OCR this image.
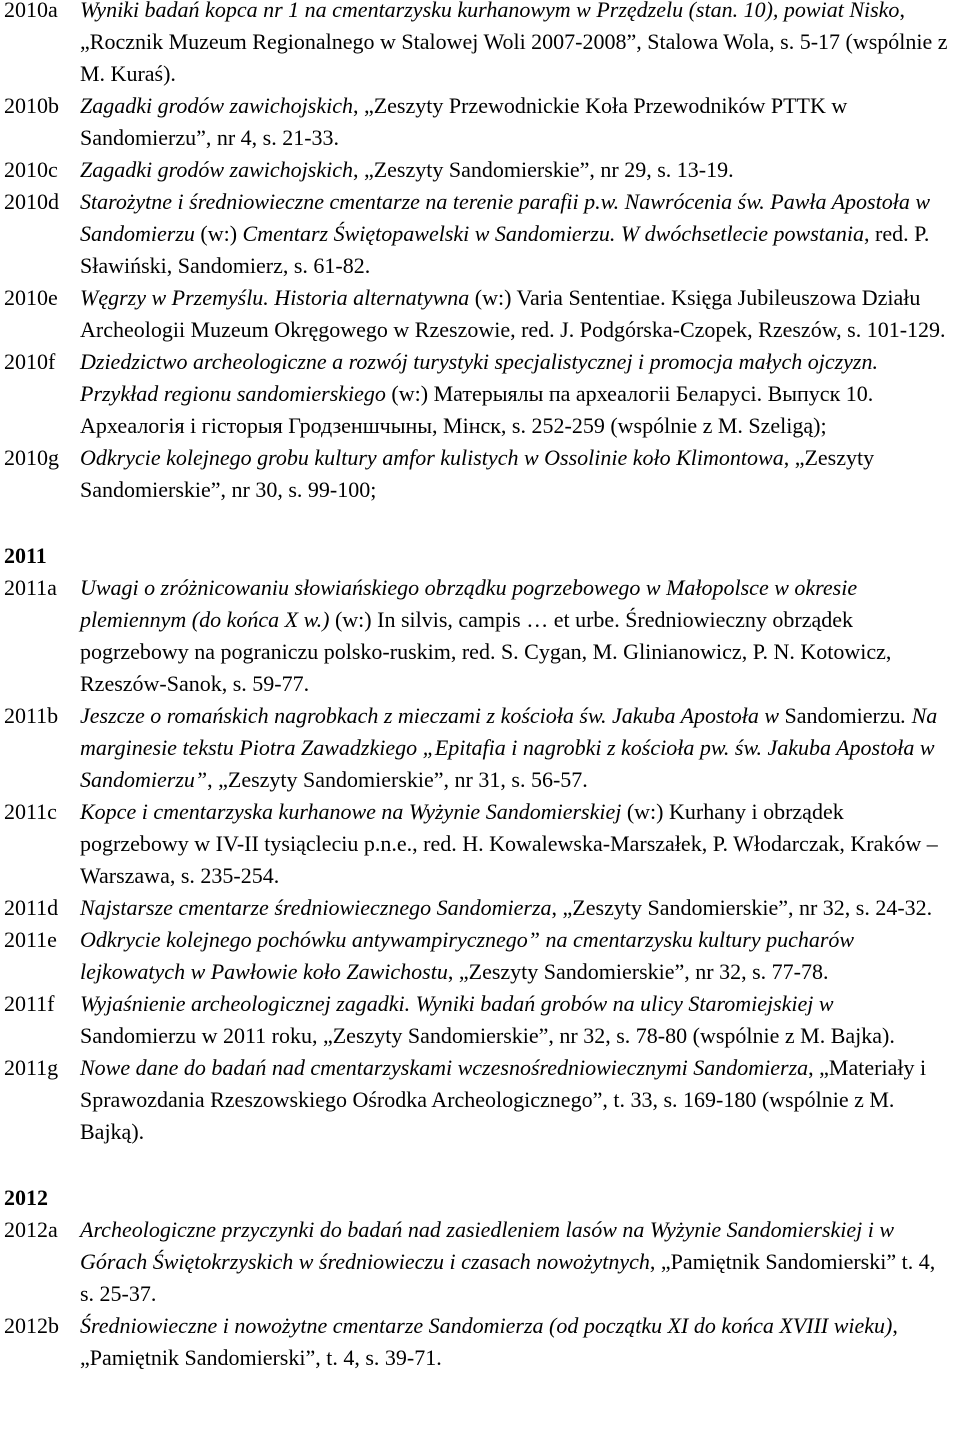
2010a	Wyniki badań kopca nr 1 na cmentarzysku kurhanowym w Przędzelu (stan. 10), powiat Nisko, „Rocznik Muzeum Regionalnego w Stalowej Woli 2007-2008”, Stalowa Wola, s. 5-17 (wspólnie z M. Kuraś).
2010b Zagadki grodów zawichojskich, „Zeszyty Przewodnickie Koła Przewodników PTTK w Sandomierzu”, nr 4, s. 21-33.
2010c	Zagadki grodów zawichojskich, „Zeszyty Sandomierskie”, nr 29, s. 13-19.
2010d Starożytne i średniowieczne cmentarze na terenie parafii p.w. Nawrócenia św. Pawła Apostoła w Sandomierzu (w:) Cmentarz Świętopawelski w Sandomierzu. W dwóchsetlecie powstania, red. P. Sławiński, Sandomierz, s. 61-82.
2010e	Węgrzy w Przemyślu. Historia alternatywna (w:) Varia Sententiae. Księga Jubileuszowa Działu Archeologii Muzeum Okręgowego w Rzeszowie, red. J. Podgórska-Czopek, Rzeszów, s. 101-129.
2010f	Dziedzictwo archeologiczne a rozwój turystyki specjalistycznej i promocja małych ojczyzn. Przykład regionu sandomierskiego (w:) Матерыялы па археалогіі Беларусі. Выпуск 10. Археалогія і гісторыя Гродзеншчыны, Мінск, s. 252-259 (wspólnie z M. Szeligą);
2010g Odkrycie kolejnego grobu kultury amfor kulistych w Ossolinie koło Klimontowa, „Zeszyty Sandomierskie”, nr 30, s. 99-100;
2011
2011a	Uwagi o zróżnicowaniu słowiańskiego obrządku pogrzebowego w Małopolsce w okresie plemiennym (do końca X w.) (w:) In silvis, campis … et urbe. Średniowieczny obrządek pogrzebowy na pograniczu polsko-ruskim, red. S. Cygan, M. Glinianowicz, P. N. Kotowicz, Rzeszów-Sanok, s. 59-77.
2011b Jeszcze o romańskich nagrobkach z mieczami z kościoła św. Jakuba Apostoła w Sandomierzu. Na marginesie tekstu Piotra Zawadzkiego „Epitafia i nagrobki z kościoła pw. św. Jakuba Apostoła w Sandomierzu”, „Zeszyty Sandomierskie”, nr 31, s. 56-57.
2011c	Kopce i cmentarzyska kurhanowe na Wyżynie Sandomierskiej (w:) Kurhany i obrządek pogrzebowy w IV-II tysiącleciu p.n.e., red. H. Kowalewska-Marszałek, P. Włodarczak, Kraków – Warszawa, s. 235-254.
2011d Najstarsze cmentarze średniowiecznego Sandomierza, „Zeszyty Sandomierskie”, nr 32, s. 24-32.
2011e	Odkrycie kolejnego pochówku antywampirycznego” na cmentarzysku kultury pucharów lejkowatych w Pawłowie koło Zawichostu, „Zeszyty Sandomierskie”, nr 32, s. 77-78.
2011f	Wyjaśnienie archeologicznej zagadki. Wyniki badań grobów na ulicy Staromiejskiej w Sandomierzu w 2011 roku, „Zeszyty Sandomierskie”, nr 32, s. 78-80 (wspólnie z M. Bajka).
2011g Nowe dane do badań nad cmentarzyskami wczesnośredniowiecznymi Sandomierza, „Materiały i Sprawozdania Rzeszowskiego Ośrodka Archeologicznego”, t. 33, s. 169-180 (wspólnie z M. Bajką).
2012
2012a	Archeologiczne przyczynki do badań nad zasiedleniem lasów na Wyżynie Sandomierskiej i w Górach Świętokrzyskich w średniowieczu i czasach nowożytnych, „Pamiętnik Sandomierski” t. 4, s. 25-37.
2012b Średniowieczne i nowożytne cmentarze Sandomierza (od początku XI do końca XVIII wieku), „Pamiętnik Sandomierski”, t. 4, s. 39-71.
